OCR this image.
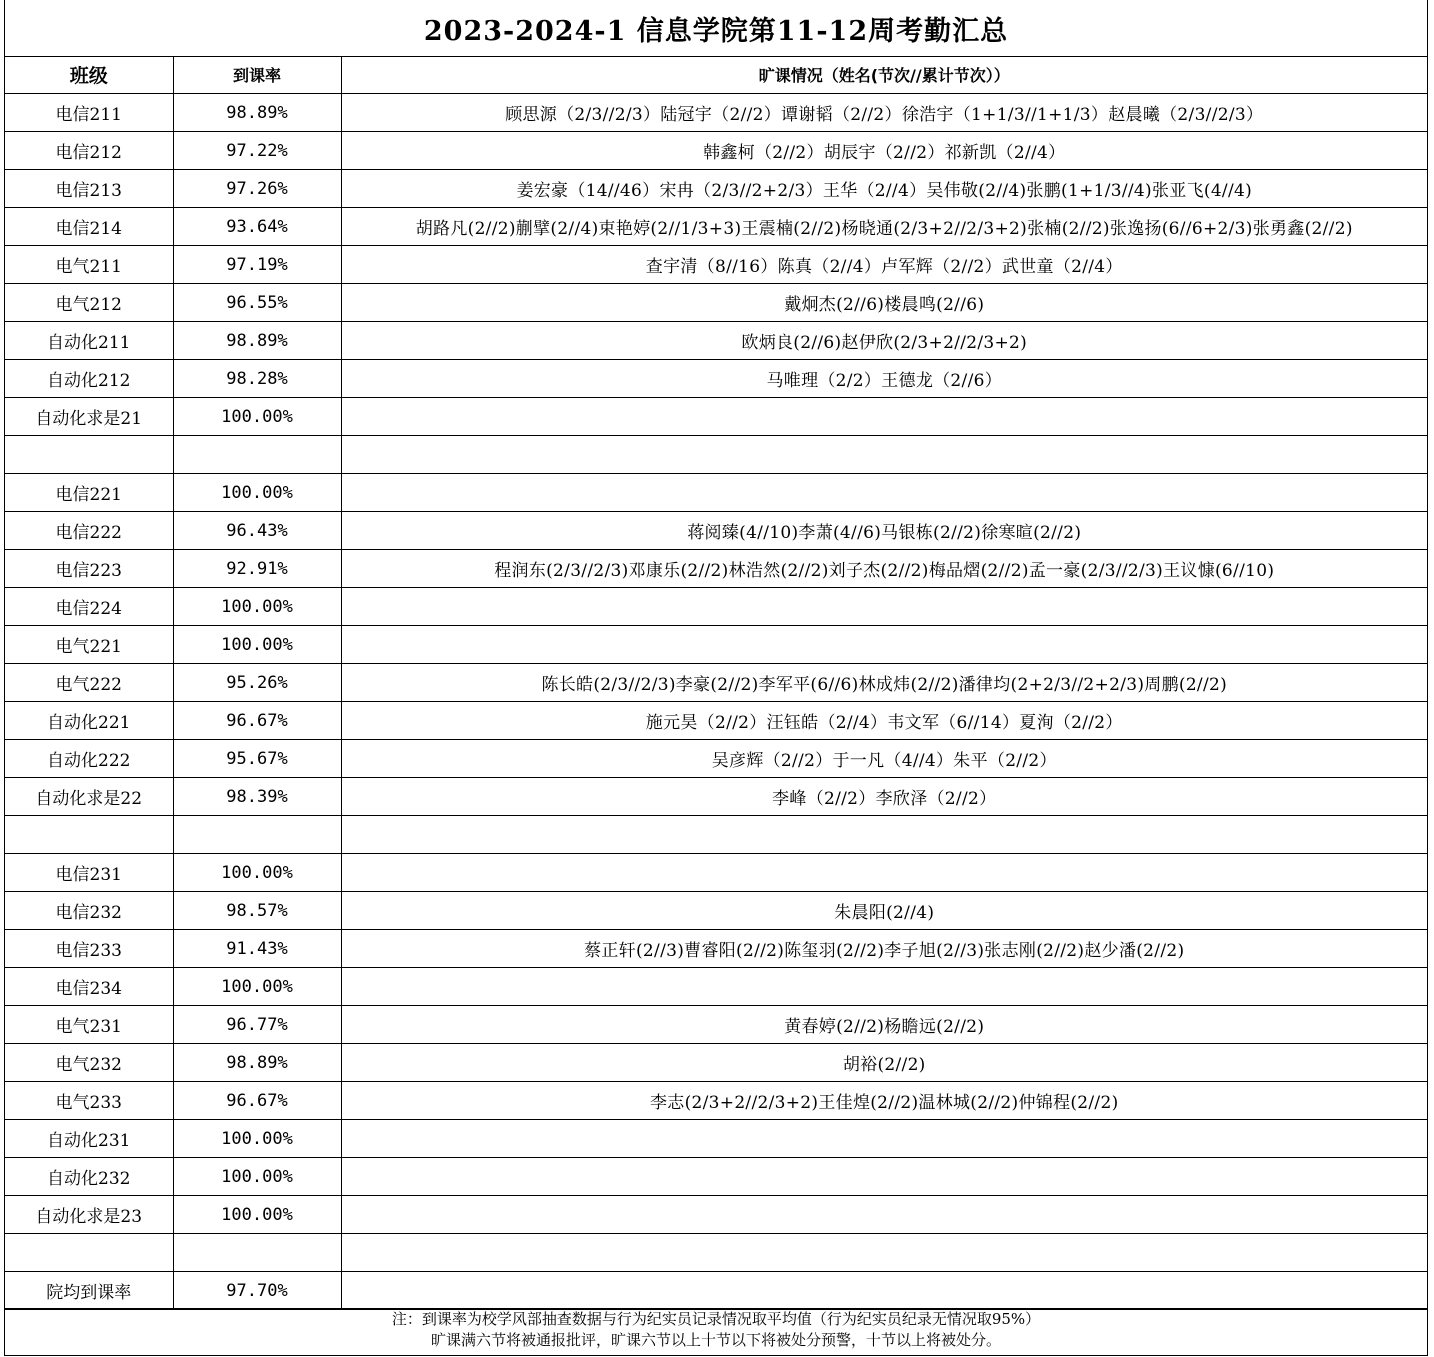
2023-2024-1 信息学院第11-12周考勤汇总
班级	到课率	旷课情况（姓名(节次//累计节次））
电信211	98.89%	顾思源（2/3//2/3）陆冠宇（2//2）谭谢韬（2//2）徐浩宇（1+1/3//1+1/3）赵晨曦（2/3//2/3）
电信212	97.22%	韩鑫柯（2//2）胡辰宇（2//2）祁新凯（2//4）
电信213	97.26%	姜宏豪（14//46）宋冉（2/3//2+2/3）王华（2//4）吴伟敬(2//4)张鹏(1+1/3//4)张亚飞(4//4)
电信214	93.64%	胡路凡(2//2)蒯擘(2//4)束艳婷(2//1/3+3)王震楠(2//2)杨晓通(2/3+2//2/3+2)张楠(2//2)张逸扬(6//6+2/3)张勇鑫(2//2)
电气211	97.19%	查宇清（8//16）陈真（2//4）卢军辉（2//2）武世童（2//4）
电气212	96.55%	戴炯杰(2//6)楼晨鸣(2//6)
自动化211	98.89%	欧炳良(2//6)赵伊欣(2/3+2//2/3+2)
自动化212	98.28%	马唯理（2/2）王德龙（2//6）
自动化求是21	100.00%	

电信221	100.00%	
电信222	96.43%	蒋阅臻(4//10)李萧(4//6)马银栋(2//2)徐寒暄(2//2)
电信223	92.91%	程润东(2/3//2/3)邓康乐(2//2)林浩然(2//2)刘子杰(2//2)梅品熠(2//2)孟一豪(2/3//2/3)王议慷(6//10)
电信224	100.00%	
电气221	100.00%	
电气222	95.26%	陈长皓(2/3//2/3)李豪(2//2)李军平(6//6)林成炜(2//2)潘律均(2+2/3//2+2/3)周鹏(2//2)
自动化221	96.67%	施元昊（2//2）汪钰皓（2//4）韦文军（6//14）夏洵（2//2）
自动化222	95.67%	吴彦辉（2//2）于一凡（4//4）朱平（2//2）
自动化求是22	98.39%	李峰（2//2）李欣泽（2//2）

电信231	100.00%	
电信232	98.57%	朱晨阳(2//4)
电信233	91.43%	蔡正轩(2//3)曹睿阳(2//2)陈玺羽(2//2)李子旭(2//3)张志刚(2//2)赵少潘(2//2)
电信234	100.00%	
电气231	96.77%	黄春婷(2//2)杨瞻远(2//2)
电气232	98.89%	胡裕(2//2)
电气233	96.67%	李志(2/3+2//2/3+2)王佳煌(2//2)温林城(2//2)仲锦程(2//2)
自动化231	100.00%	
自动化232	100.00%	
自动化求是23	100.00%	

院均到课率	97.70%	
注：到课率为校学风部抽查数据与行为纪实员记录情况取平均值（行为纪实员纪录无情况取95%）
旷课满六节将被通报批评，旷课六节以上十节以下将被处分预警，十节以上将被处分。
